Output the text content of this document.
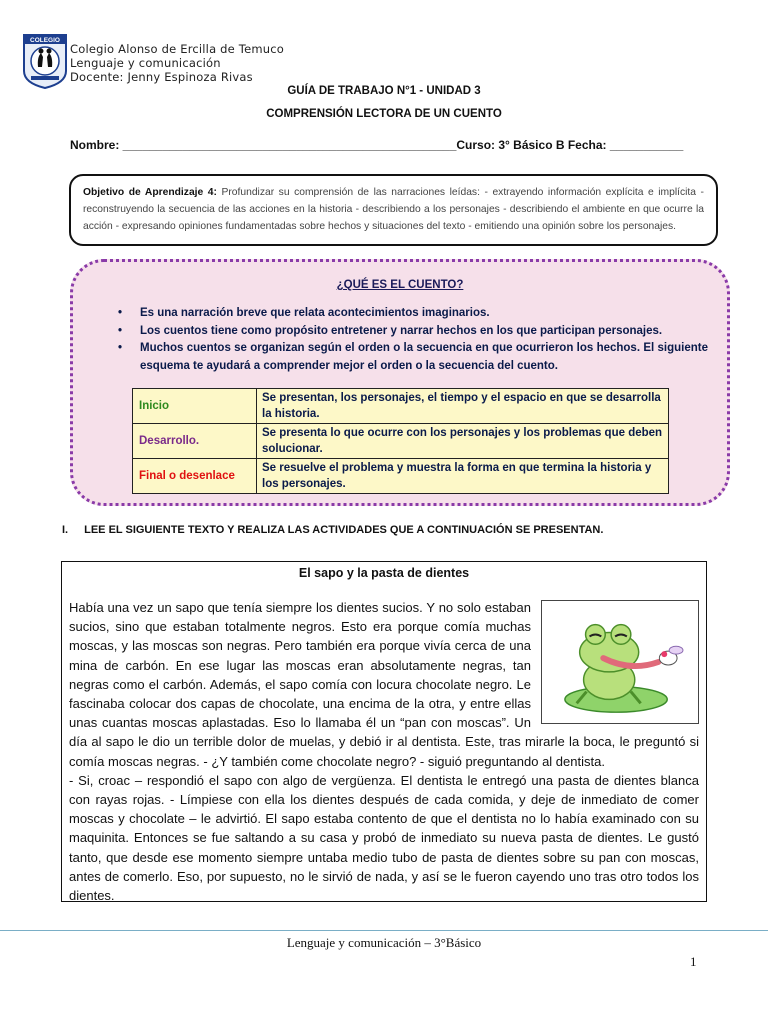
COLEGIO
Colegio Alonso de Ercilla de Temuco
Lenguaje y comunicación
Docente: Jenny Espinoza Rivas
GUÍA DE TRABAJO N°1 - UNIDAD 3
COMPRENSIÓN LECTORA DE UN CUENTO
Nombre: __________________________________________________Curso: 3° Básico B Fecha: ___________
Objetivo de Aprendizaje 4: Profundizar su comprensión de las narraciones leídas: - extrayendo información explícita e implícita - reconstruyendo la secuencia de las acciones en la historia - describiendo a los personajes - describiendo el ambiente en que ocurre la acción - expresando opiniones fundamentadas sobre hechos y situaciones del texto - emitiendo una opinión sobre los personajes.
¿QUÉ ES EL CUENTO?
• Es una narración breve que relata acontecimientos imaginarios.
• Los cuentos tiene como propósito entretener y narrar hechos en los que participan personajes.
• Muchos cuentos se organizan según el orden o la secuencia en que ocurrieron los hechos. El siguiente esquema te ayudará a comprender mejor el orden o la secuencia del cuento.
Inicio	Se presentan, los personajes, el tiempo y el espacio en que se desarrolla la historia.
Desarrollo.	Se presenta lo que ocurre con los personajes y los problemas que deben solucionar.
Final o desenlace	Se resuelve el problema y muestra la forma en que termina la historia y los personajes.
I. LEE EL SIGUIENTE TEXTO Y REALIZA LAS ACTIVIDADES QUE A CONTINUACIÓN SE PRESENTAN.
El sapo y la pasta de dientes

Había una vez un sapo que tenía siempre los dientes sucios. Y no solo estaban sucios, sino que estaban totalmente negros. Esto era porque comía muchas moscas, y las moscas son negras. Pero también era porque vivía cerca de una mina de carbón. En ese lugar las moscas eran absolutamente negras, tan negras como el carbón. Además, el sapo comía con locura chocolate negro. Le fascinaba colocar dos capas de chocolate, una encima de la otra, y entre ellas unas cuantas moscas aplastadas. Eso lo llamaba él un “pan con moscas”. Un día al sapo le dio un terrible dolor de muelas, y debió ir al dentista. Este, tras mirarle la boca, le preguntó si comía moscas negras. - ¿Y también come chocolate negro? - siguió preguntando al dentista.

- Si, croac – respondió el sapo con algo de vergüenza. El dentista le entregó una pasta de dientes blanca con rayas rojas. - Límpiese con ella los dientes después de cada comida, y deje de inmediato de comer moscas y chocolate – le advirtió. El sapo estaba contento de que el dentista no lo había examinado con su maquinita. Entonces se fue saltando a su casa y probó de inmediato su nueva pasta de dientes. Le gustó tanto, que desde ese momento siempre untaba medio tubo de pasta de dientes sobre su pan con moscas, antes de comerlo. Eso, por supuesto, no le sirvió de nada, y así se le fueron cayendo uno tras otro todos los dientes.

Lenguaje y comunicación – 3°Básico
1
